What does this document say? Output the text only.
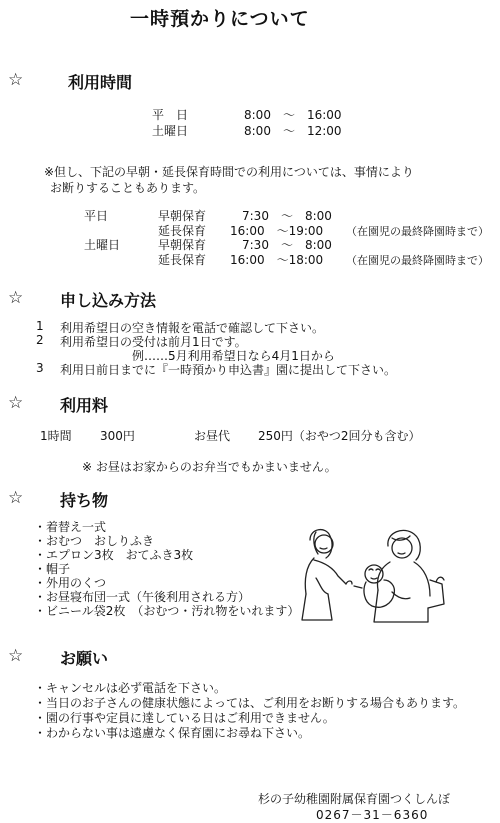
一時預かりについて
☆	利用時間
平　日	8:00　～　16:00
土曜日	8:00　～　12:00
※但し、下記の早朝・延長保育時間での利用については、事情により
お断りすることもあります。
平日	早朝保育	7:30　～　8:00
延長保育 16:00　～19:00 （在園児の最終降園時まで）
土曜日	早朝保育	7:30　～　8:00
延長保育 16:00　～18:00 （在園児の最終降園時まで）
☆ 申し込み方法
1 利用希望日の空き情報を電話で確認して下さい。
2 利用希望日の受付は前月1日です。
例……5月利用希望日なら4月1日から
3 利用日前日までに『一時預かり申込書』園に提出して下さい。
☆ 利用料
1時間 300円	お昼代 250円（おやつ2回分も含む）
※ お昼はお家からのお弁当でもかまいません。
☆ 持ち物
・着替え一式
・おむつ　おしりふき
・エプロン3枚　おてふき3枚
・帽子
・外用のくつ
・お昼寝布団一式（午後利用される方）
・ビニール袋2枚　（おむつ・汚れ物をいれます）
☆ お願い
・キャンセルは必ず電話を下さい。
・当日のお子さんの健康状態によっては、ご利用をお断りする場合もあります。
・園の行事や定員に達している日はご利用できません。
・わからない事は遠慮なく保育園にお尋ね下さい。
杉の子幼稚園附属保育園つくしんぼ
0267－31－6360
